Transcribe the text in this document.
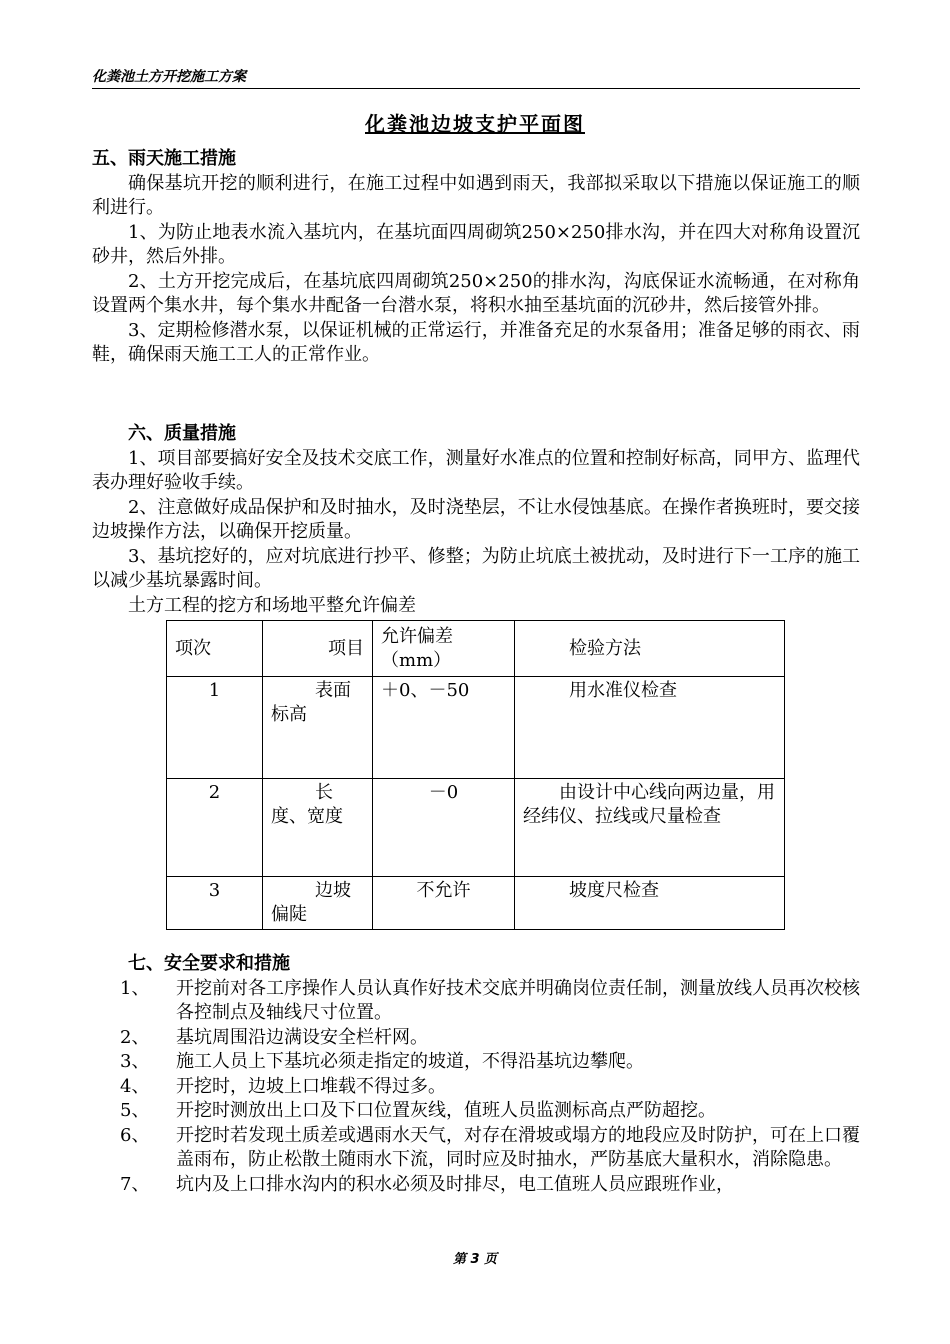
化粪池土方开挖施工方案
化粪池边坡支护平面图
五、雨天施工措施
确保基坑开挖的顺利进行，在施工过程中如遇到雨天，我部拟采取以下措施以保证施工的顺利进行。
1、为防止地表水流入基坑内，在基坑面四周砌筑250×250排水沟，并在四大对称角设置沉砂井，然后外排。
2、土方开挖完成后，在基坑底四周砌筑250×250的排水沟，沟底保证水流畅通，在对称角设置两个集水井，每个集水井配备一台潜水泵，将积水抽至基坑面的沉砂井，然后接管外排。
3、定期检修潜水泵，以保证机械的正常运行，并准备充足的水泵备用；准备足够的雨衣、雨鞋，确保雨天施工工人的正常作业。
六、质量措施
1、项目部要搞好安全及技术交底工作，测量好水准点的位置和控制好标高，同甲方、监理代表办理好验收手续。
2、注意做好成品保护和及时抽水，及时浇垫层，不让水侵蚀基底。在操作者换班时，要交接边坡操作方法，以确保开挖质量。
3、基坑挖好的，应对坑底进行抄平、修整；为防止坑底土被扰动，及时进行下一工序的施工以减少基坑暴露时间。
土方工程的挖方和场地平整允许偏差
项次	项目	允许偏差（mm）	检验方法
1	表面标高	＋0、－50	用水准仪检查
2	长度、宽度	－0	由设计中心线向两边量，用经纬仪、拉线或尺量检查
3	边坡偏陡	不允许	坡度尺检查
七、安全要求和措施
1、 开挖前对各工序操作人员认真作好技术交底并明确岗位责任制，测量放线人员再次校核各控制点及轴线尺寸位置。
2、 基坑周围沿边满设安全栏杆网。
3、 施工人员上下基坑必须走指定的坡道，不得沿基坑边攀爬。
4、 开挖时，边坡上口堆载不得过多。
5、 开挖时测放出上口及下口位置灰线，值班人员监测标高点严防超挖。
6、 开挖时若发现土质差或遇雨水天气，对存在滑坡或塌方的地段应及时防护，可在上口覆盖雨布，防止松散土随雨水下流，同时应及时抽水，严防基底大量积水，消除隐患。
7、 坑内及上口排水沟内的积水必须及时排尽，电工值班人员应跟班作业，
第 3 页
